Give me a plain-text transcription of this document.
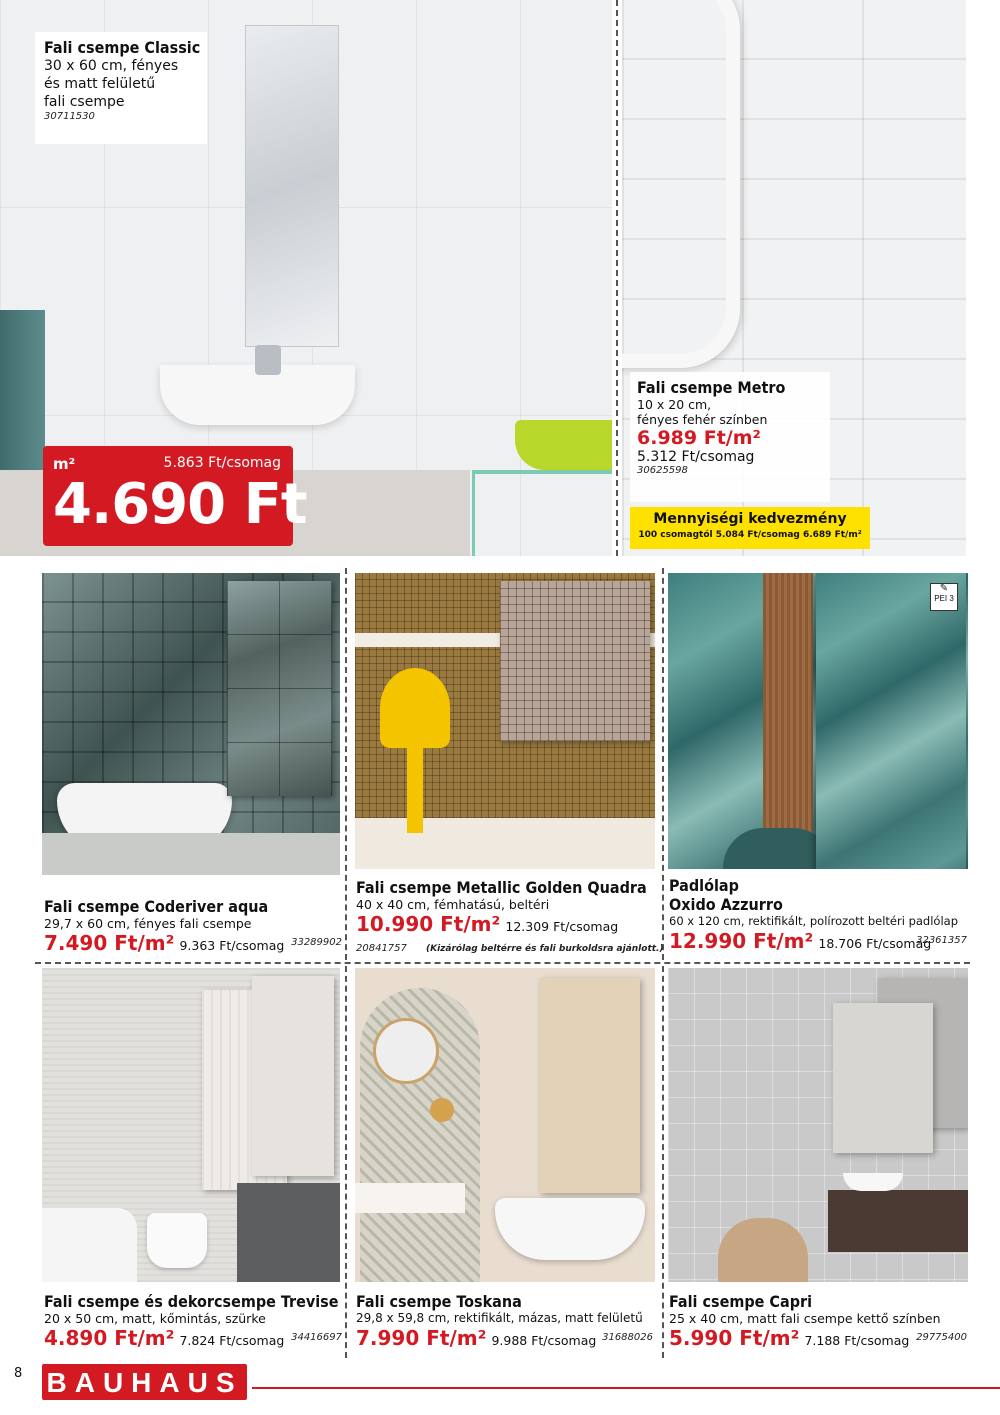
Fali csempe Classic
30 x 60 cm, fényes
és matt felületű
fali csempe
30711530
m²	5.863 Ft/csomag
4.690 Ft
Fali csempe Metro
10 x 20 cm,
fényes fehér színben
6.989 Ft/m²
5.312 Ft/csomag
30625598
Mennyiségi kedvezmény
100 csomagtól 5.084 Ft/csomag 6.689 Ft/m²
Fali csempe Coderiver aqua
29,7 x 60 cm, fényes fali csempe
7.490 Ft/m² 9.363 Ft/csomag 33289902
Fali csempe Metallic Golden Quadra
40 x 40 cm, fémhatású, beltéri
10.990 Ft/m² 12.309 Ft/csomag
20841757 (Kizárólag beltérre és fali burkoldsra ajánlott.)
✎
PEI 3
Padlólap
Oxido Azzurro
60 x 120 cm, rektifikált, polírozott beltéri padlólap
12.990 Ft/m² 18.706 Ft/csomag
32361357
Fali csempe és dekorcsempe Trevise
20 x 50 cm, matt, kőmintás, szürke
4.890 Ft/m² 7.824 Ft/csomag 34416697
Fali csempe Toskana
29,8 x 59,8 cm, rektifikált, mázas, matt felületű
7.990 Ft/m² 9.988 Ft/csomag 31688026
Fali csempe Capri
25 x 40 cm, matt fali csempe kettő színben
5.990 Ft/m² 7.188 Ft/csomag 29775400
8 BAUHAUS
